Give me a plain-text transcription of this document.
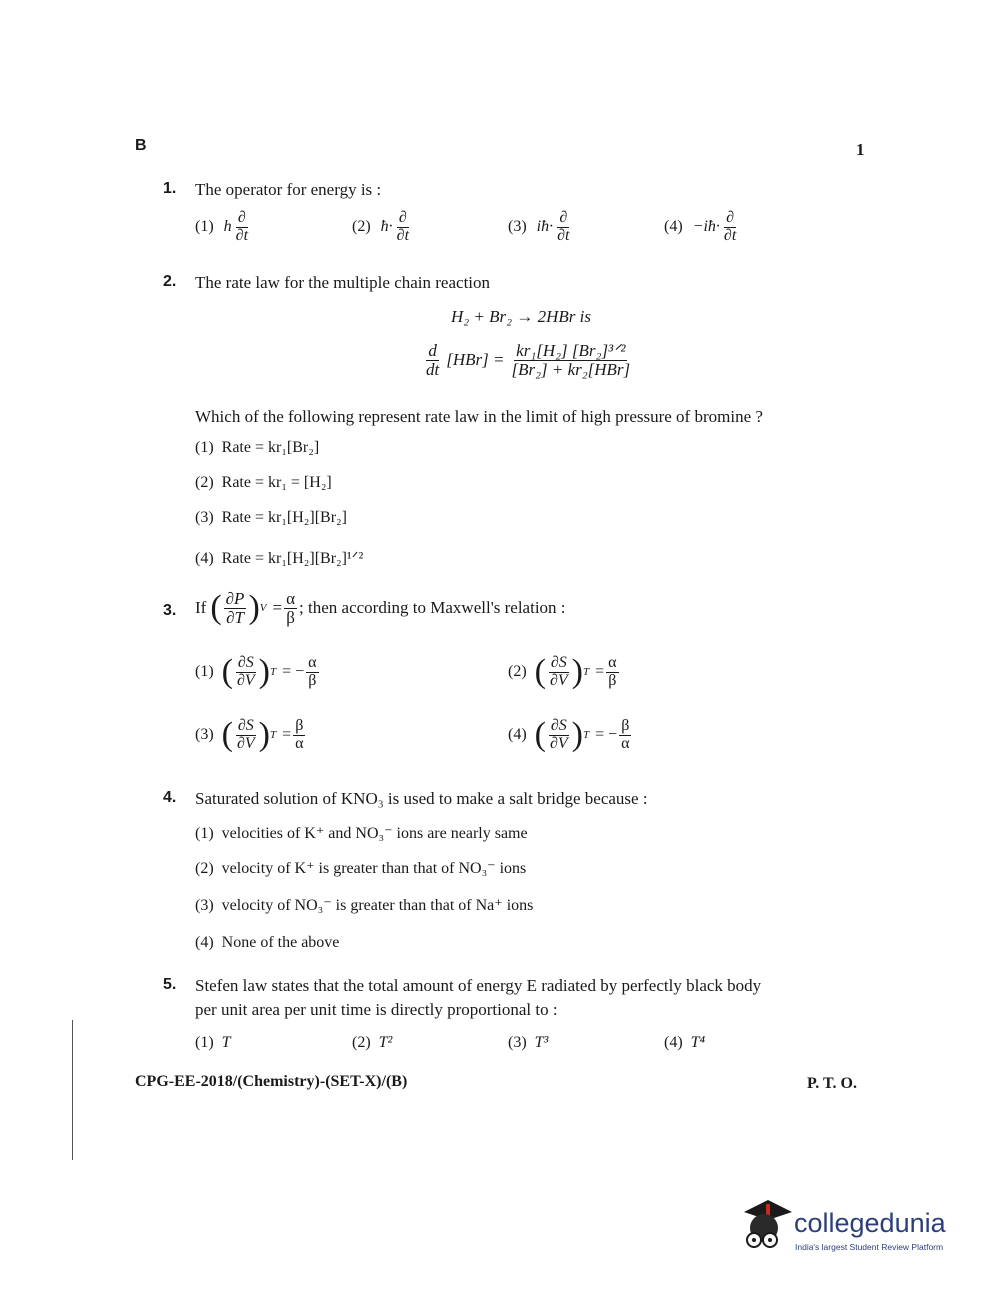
B	1
1. The operator for energy is :
(1) h $\frac{\partial}{\partial t}$	(2) ħ· $\frac{\partial}{\partial t}$	(3) iħ· $\frac{\partial}{\partial t}$	(4) −iħ· $\frac{\partial}{\partial t}$
2. The rate law for the multiple chain reaction
H₂ + Br₂ → 2HBr is
$\frac{d}{dt} [HBr] = \frac{\text{kr₁[H₂] [Br₂]³ᐟ²}}{\text{[Br₂] + kr₂[HBr]}}$
Which of the following represent rate law in the limit of high pressure of bromine ?
(1) Rate = kr₁[Br₂]
(2) Rate = kr₁ = [H₂]
(3) Rate = kr₁[H₂][Br₂]
(4) Rate = kr₁[H₂][Br₂]¹ᐟ²
3. If ( $\frac{\partial P}{\partial T}$ ) $V = \frac{\alpha}{\beta}$ ; then according to Maxwell's relation :
(1) ( $\frac{\partial S}{\partial V}$ ) T = − $\frac{\alpha}{\beta}$	(2) ( $\frac{\partial S}{\partial V}$ ) $T = \frac{\alpha}{\beta}$
(3) ( $\frac{\partial S}{\partial V}$ ) $T = \frac{\beta}{\alpha}$	(4) ( $\frac{\partial S}{\partial V}$ ) T = − $\frac{\beta}{\alpha}$
4. Saturated solution of KNO₃ is used to make a salt bridge because :
(1) velocities of K⁺ and NO₃⁻ ions are nearly same
(2) velocity of K⁺ is greater than that of NO₃⁻ ions
(3) velocity of NO₃⁻ is greater than that of Na⁺ ions
(4) None of the above
5. Stefen law states that the total amount of energy E radiated by perfectly black body
per unit area per unit time is directly proportional to :
(1) T	(2) T²	(3) T³	(4) T⁴
CPG-EE-2018/(Chemistry)-(SET-X)/(B)	P. T. O.
collegedunia
India's largest Student Review Platform
